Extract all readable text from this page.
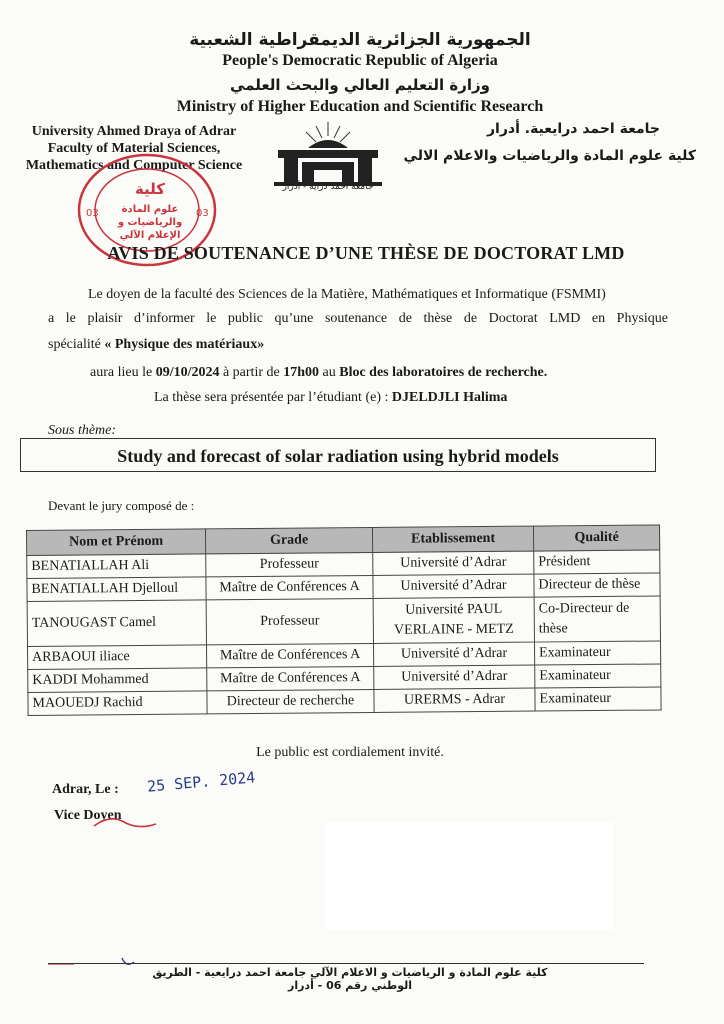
الجمهورية الجزائرية الديمقراطية الشعبية
People's Democratic Republic of Algeria
وزارة التعليم العالي والبحث العلمي
Ministry of Higher Education and Scientific Research
University Ahmed Draya of Adrar
Faculty of Material Sciences,
Mathematics and Computer Science
جامعة احمد درايعية. أدرار
كلية علوم المادة والرياضيات والاعلام الالي
جامعة أحمد دراية - أدرار
03	03
كلية
علوم المادة والرياضيات و الإعلام الآلي
AVIS DE SOUTENANCE D’UNE THÈSE DE DOCTORAT LMD
Le doyen de la faculté des Sciences de la Matière, Mathématiques et Informatique (FSMMI)
a le plaisir d’informer le public qu’une soutenance de thèse de Doctorat LMD en Physique
spécialité « Physique des matériaux»
aura lieu le 09/10/2024 à partir de 17h00 au Bloc des laboratoires de recherche.
La thèse sera présentée par l’étudiant (e) : DJELDJLI Halima
Sous thème:
Study and forecast of solar radiation using hybrid models
Devant le jury composé de :
Nom et Prénom	Grade	Etablissement	Qualité
BENATIALLAH Ali	Professeur	Université d’Adrar	Président
BENATIALLAH Djelloul	Maître de Conférences A	Université d’Adrar	Directeur de thèse
TANOUGAST Camel	Professeur	Université PAUL VERLAINE - METZ	Co-Directeur de thèse
ARBAOUI iliace	Maître de Conférences A	Université d’Adrar	Examinateur
KADDI Mohammed	Maître de Conférences A	Université d’Adrar	Examinateur
MAOUEDJ Rachid	Directeur de recherche	URERMS - Adrar	Examinateur
Le public est cordialement invité.
Adrar, Le : 25 SEP. 2024
Vice Doyen
كلية علوم المادة و الرياضيات و الاعلام الآلي جامعة احمد درايعية - الطريق الوطني رقم 06 - أدرار
